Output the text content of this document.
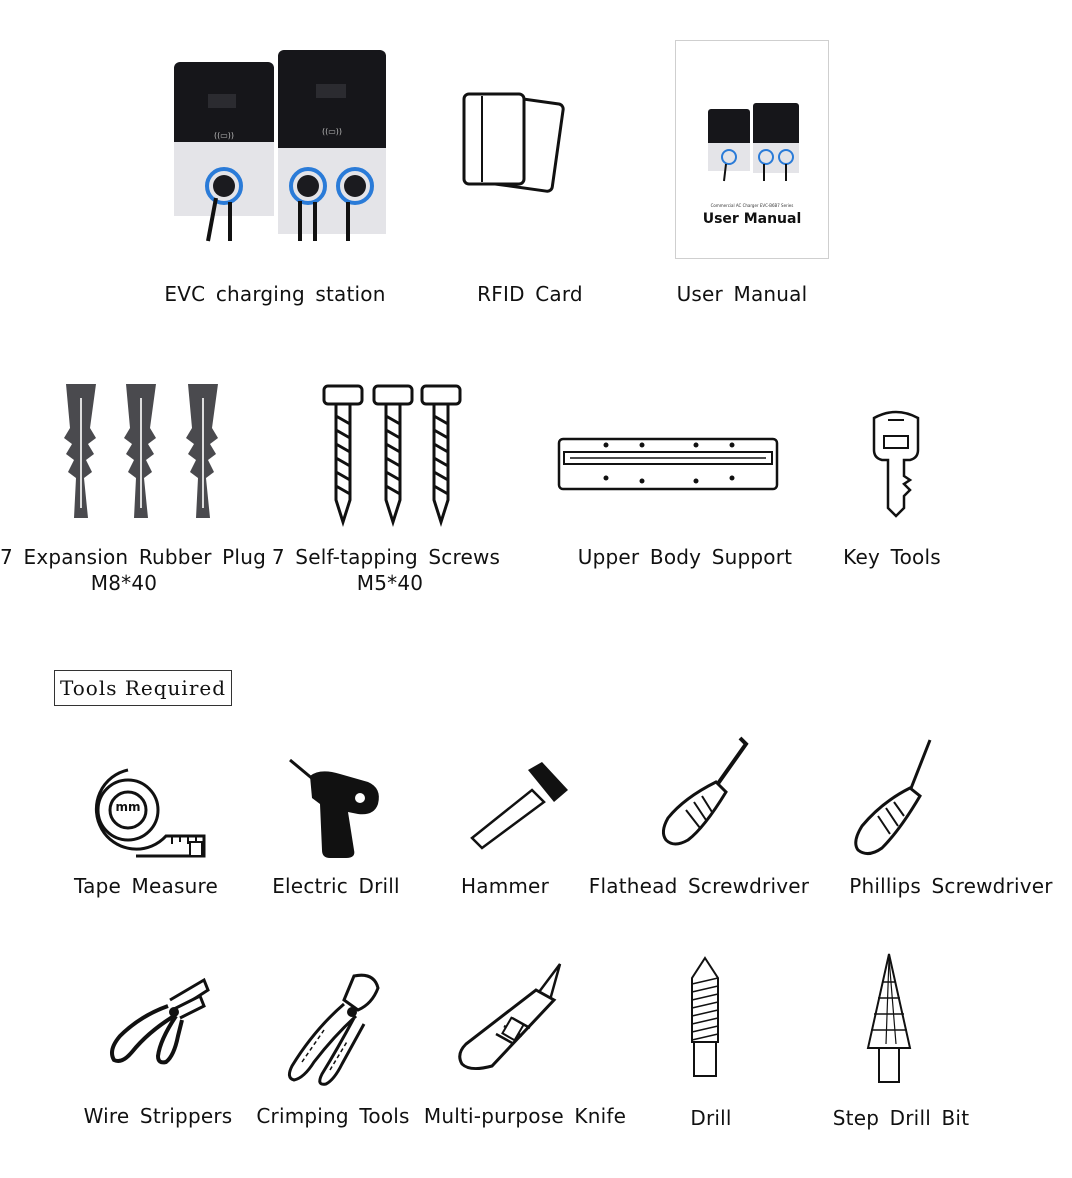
((▭))	((▭))
EVC charging station	RFID Card
Commercial AC Charger EVC-B6B7 Series
User Manual
User Manual
7 Expansion Rubber Plug
M8*40
7 Self-tapping Screws
M5*40
Upper Body Support	Key Tools
Tools Required
mm
Tape Measure	Electric Drill	Hammer	Flathead Screwdriver Phillips Screwdriver
Wire Strippers Crimping Tools Multi-purpose Knife	Drill	Step Drill Bit
